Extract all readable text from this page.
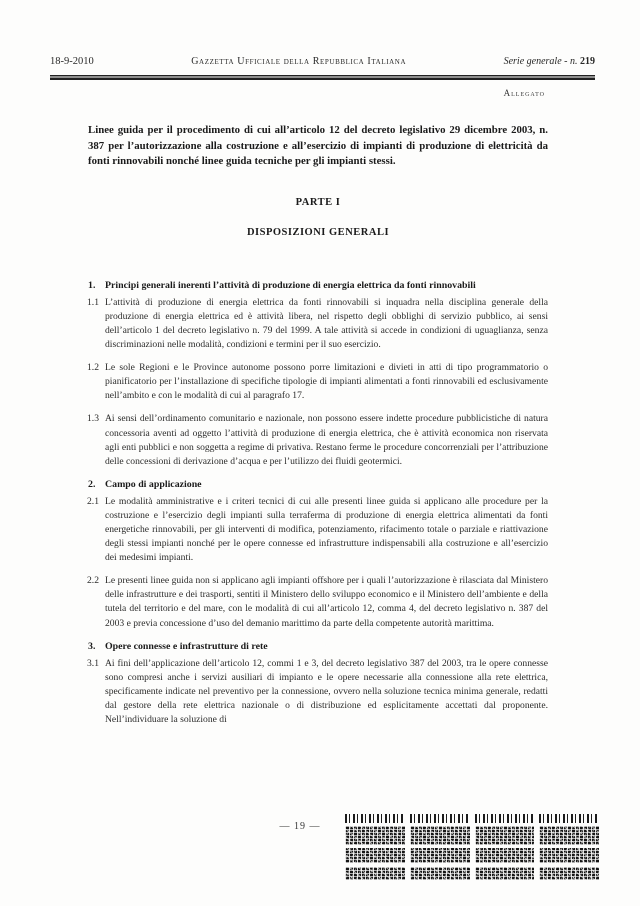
18-9-2010	Gazzetta Ufficiale della Repubblica Italiana	Serie generale - n. 219
Allegato
Linee guida per il procedimento di cui all’articolo 12 del decreto legislativo 29 dicembre 2003, n. 387 per l’autorizzazione alla costruzione e all’esercizio di impianti di produzione di elettricità da fonti rinnovabili nonché linee guida tecniche per gli impianti stessi.
PARTE I
DISPOSIZIONI GENERALI
1. Principi generali inerenti l’attività di produzione di energia elettrica da fonti rinnovabili
1.1 L’attività di produzione di energia elettrica da fonti rinnovabili si inquadra nella disciplina generale della produzione di energia elettrica ed è attività libera, nel rispetto degli obblighi di servizio pubblico, ai sensi dell’articolo 1 del decreto legislativo n. 79 del 1999. A tale attività si accede in condizioni di uguaglianza, senza discriminazioni nelle modalità, condizioni e termini per il suo esercizio.
1.2 Le sole Regioni e le Province autonome possono porre limitazioni e divieti in atti di tipo programmatorio o pianificatorio per l’installazione di specifiche tipologie di impianti alimentati a fonti rinnovabili ed esclusivamente nell’ambito e con le modalità di cui al paragrafo 17.
1.3 Ai sensi dell’ordinamento comunitario e nazionale, non possono essere indette procedure pubblicistiche di natura concessoria aventi ad oggetto l’attività di produzione di energia elettrica, che è attività economica non riservata agli enti pubblici e non soggetta a regime di privativa. Restano ferme le procedure concorrenziali per l’attribuzione delle concessioni di derivazione d’acqua e per l’utilizzo dei fluidi geotermici.
2. Campo di applicazione
2.1 Le modalità amministrative e i criteri tecnici di cui alle presenti linee guida si applicano alle procedure per la costruzione e l’esercizio degli impianti sulla terraferma di produzione di energia elettrica alimentati da fonti energetiche rinnovabili, per gli interventi di modifica, potenziamento, rifacimento totale o parziale e riattivazione degli stessi impianti nonché per le opere connesse ed infrastrutture indispensabili alla costruzione e all’esercizio dei medesimi impianti.
2.2 Le presenti linee guida non si applicano agli impianti offshore per i quali l’autorizzazione è rilasciata dal Ministero delle infrastrutture e dei trasporti, sentiti il Ministero dello sviluppo economico e il Ministero dell’ambiente e della tutela del territorio e del mare, con le modalità di cui all’articolo 12, comma 4, del decreto legislativo n. 387 del 2003 e previa concessione d’uso del demanio marittimo da parte della competente autorità marittima.
3. Opere connesse e infrastrutture di rete
3.1 Ai fini dell’applicazione dell’articolo 12, commi 1 e 3, del decreto legislativo 387 del 2003, tra le opere connesse sono compresi anche i servizi ausiliari di impianto e le opere necessarie alla connessione alla rete elettrica, specificamente indicate nel preventivo per la connessione, ovvero nella soluzione tecnica minima generale, redatti dal gestore della rete elettrica nazionale o di distribuzione ed esplicitamente accettati dal proponente. Nell’individuare la soluzione di
— 19 —
